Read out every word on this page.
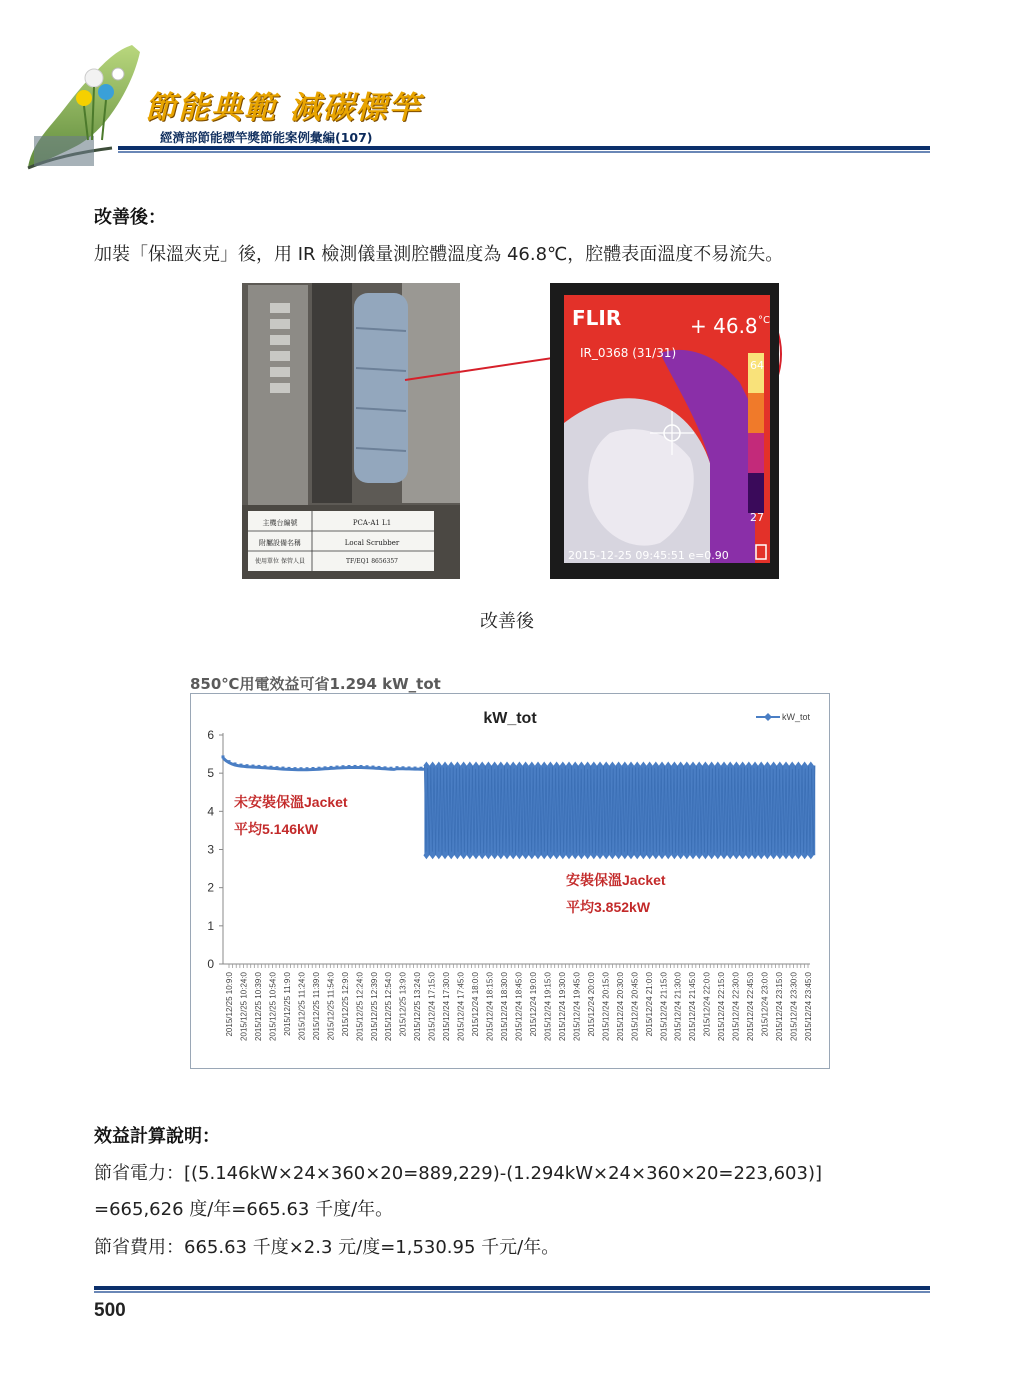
節能典範 減碳標竿
經濟部節能標竿獎節能案例彙編(107)
改善後：
加裝「保溫夾克」後，用 IR 檢測儀量測腔體溫度為 46.8℃，腔體表面溫度不易流失。
主機台編號	PCA-A1 L1
附屬設備名稱	Local Scrubber
使用單位 保管人員	TF/EQ1 8656357
FLIR
IR_0368 (31/31)
+ 46.8 °C
64
27
2015-12-25 09:45:51 e=0.90
改善後
850℃用電效益可省1.294 kW_tot
kW_tot	kW_tot
0
1
2
3
4
5
6
2015/12/25 10:9:0 2015/12/25 10:24:0 2015/12/25 10:39:0 2015/12/25 10:54:0 2015/12/25 11:9:0 2015/12/25 11:24:0 2015/12/25 11:39:0 2015/12/25 11:54:0 2015/12/25 12:9:0 2015/12/25 12:24:0 2015/12/25 12:39:0 2015/12/25 12:54:0 2015/12/25 13:9:0 2015/12/25 13:24:0 2015/12/24 17:15:0 2015/12/24 17:30:0 2015/12/24 17:45:0 2015/12/24 18:0:0 2015/12/24 18:15:0 2015/12/24 18:30:0 2015/12/24 18:45:0 2015/12/24 19:0:0 2015/12/24 19:15:0 2015/12/24 19:30:0 2015/12/24 19:45:0 2015/12/24 20:0:0 2015/12/24 20:15:0 2015/12/24 20:30:0 2015/12/24 20:45:0 2015/12/24 21:0:0 2015/12/24 21:15:0 2015/12/24 21:30:0 2015/12/24 21:45:0 2015/12/24 22:0:0 2015/12/24 22:15:0 2015/12/24 22:30:0 2015/12/24 22:45:0 2015/12/24 23:0:0 2015/12/24 23:15:0 2015/12/24 23:30:0 2015/12/24 23:45:0
未安裝保溫Jacket
平均5.146kW
安裝保溫Jacket
平均3.852kW
效益計算說明：
節省電力：[(5.146kW×24×360×20=889,229)-(1.294kW×24×360×20=223,603)]
=665,626 度/年=665.63 千度/年。
節省費用：665.63 千度×2.3 元/度=1,530.95 千元/年。
500
